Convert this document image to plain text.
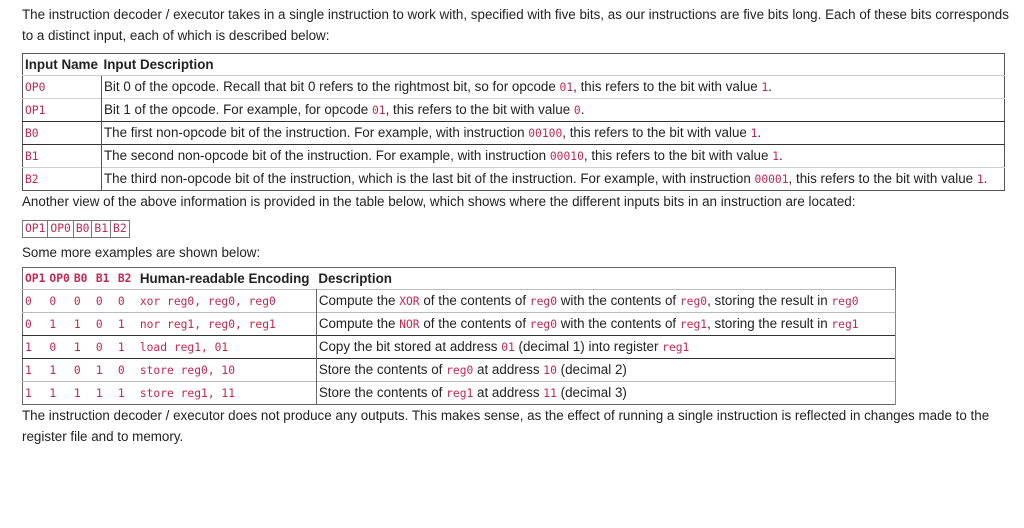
The instruction decoder / executor takes in a single instruction to work with, specified with five bits, as our instructions are five bits long. Each of these bits corresponds to a distinct input, each of which is described below:

Input Name	Input Description
OP0	Bit 0 of the opcode. Recall that bit 0 refers to the rightmost bit, so for opcode 01, this refers to the bit with value 1.
OP1	Bit 1 of the opcode. For example, for opcode 01, this refers to the bit with value 0.
B0	The first non-opcode bit of the instruction. For example, with instruction 00100, this refers to the bit with value 1.
B1	The second non-opcode bit of the instruction. For example, with instruction 00010, this refers to the bit with value 1.
B2	The third non-opcode bit of the instruction, which is the last bit of the instruction. For example, with instruction 00001, this refers to the bit with value 1.

Another view of the above information is provided in the table below, which shows where the different inputs bits in an instruction are located:

OP1	OP0	B0	B1	B2

Some more examples are shown below:

OP1	OP0	B0	B1	B2	Human-readable Encoding	Description
0	0	0	0	0	xor reg0, reg0, reg0	Compute the XOR of the contents of reg0 with the contents of reg0, storing the result in reg0
0	1	1	0	1	nor reg1, reg0, reg1	Compute the NOR of the contents of reg0 with the contents of reg1, storing the result in reg1
1	0	1	0	1	load reg1, 01	Copy the bit stored at address 01 (decimal 1) into register reg1
1	1	0	1	0	store reg0, 10	Store the contents of reg0 at address 10 (decimal 2)
1	1	1	1	1	store reg1, 11	Store the contents of reg1 at address 11 (decimal 3)

The instruction decoder / executor does not produce any outputs. This makes sense, as the effect of running a single instruction is reflected in changes made to the register file and to memory.
